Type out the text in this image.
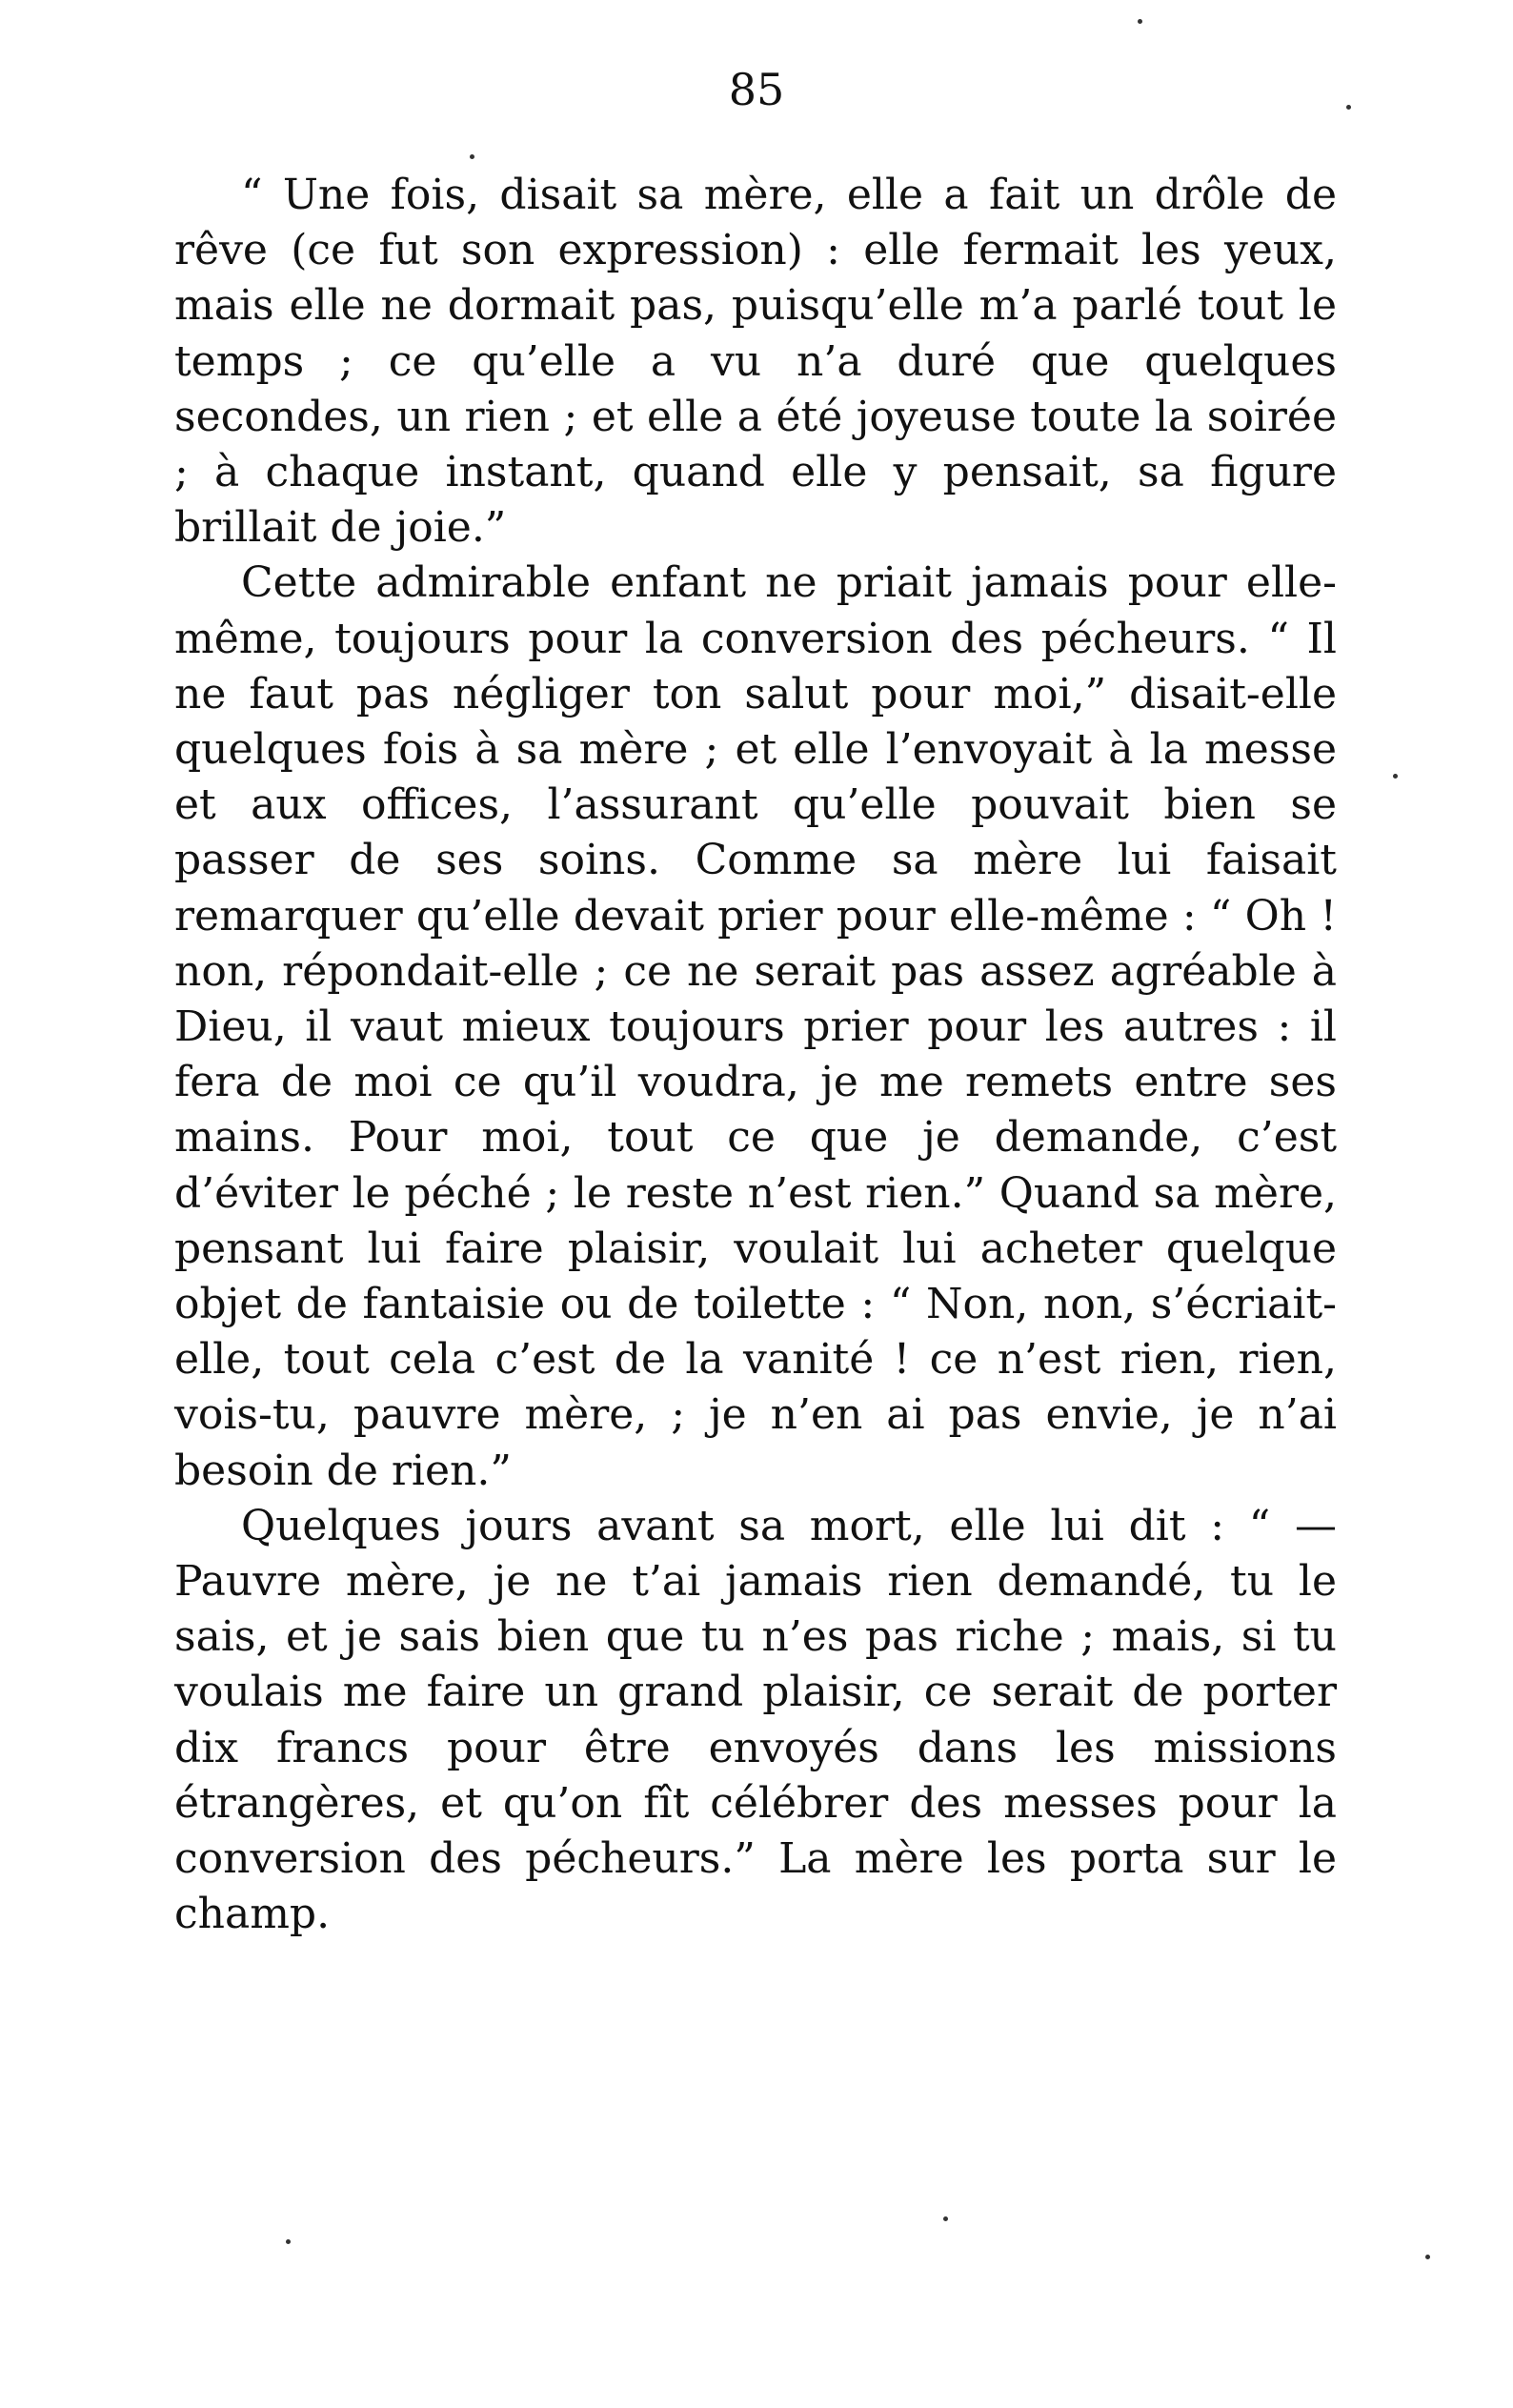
85

“ Une fois, disait sa mère, elle a fait un drôle de rêve (ce fut son expression) : elle fermait les yeux, mais elle ne dormait pas, puisqu’elle m’a parlé tout le temps ; ce qu’elle a vu n’a duré que quelques secondes, un rien ; et elle a été joyeuse toute la soirée ; à chaque instant, quand elle y pensait, sa figure brillait de joie.”

Cette admirable enfant ne priait jamais pour elle-même, toujours pour la conversion des pécheurs. “ Il ne faut pas négliger ton salut pour moi,” disait-elle quelques fois à sa mère ; et elle l’envoyait à la messe et aux offices, l’assurant qu’elle pouvait bien se passer de ses soins. Comme sa mère lui faisait remarquer qu’elle devait prier pour elle-même : “ Oh ! non, répondait-elle ; ce ne serait pas assez agréable à Dieu, il vaut mieux toujours prier pour les autres : il fera de moi ce qu’il voudra, je me remets entre ses mains. Pour moi, tout ce que je demande, c’est d’éviter le péché ; le reste n’est rien.” Quand sa mère, pensant lui faire plaisir, voulait lui acheter quelque objet de fantaisie ou de toilette : “ Non, non, s’écriait-elle, tout cela c’est de la vanité ! ce n’est rien, rien, vois-tu, pauvre mère, ; je n’en ai pas envie, je n’ai besoin de rien.”

Quelques jours avant sa mort, elle lui dit : “ —Pauvre mère, je ne t’ai jamais rien demandé, tu le sais, et je sais bien que tu n’es pas riche ; mais, si tu voulais me faire un grand plaisir, ce serait de porter dix francs pour être envoyés dans les missions étrangères, et qu’on fît célébrer des messes pour la conversion des pécheurs.” La mère les porta sur le champ.
